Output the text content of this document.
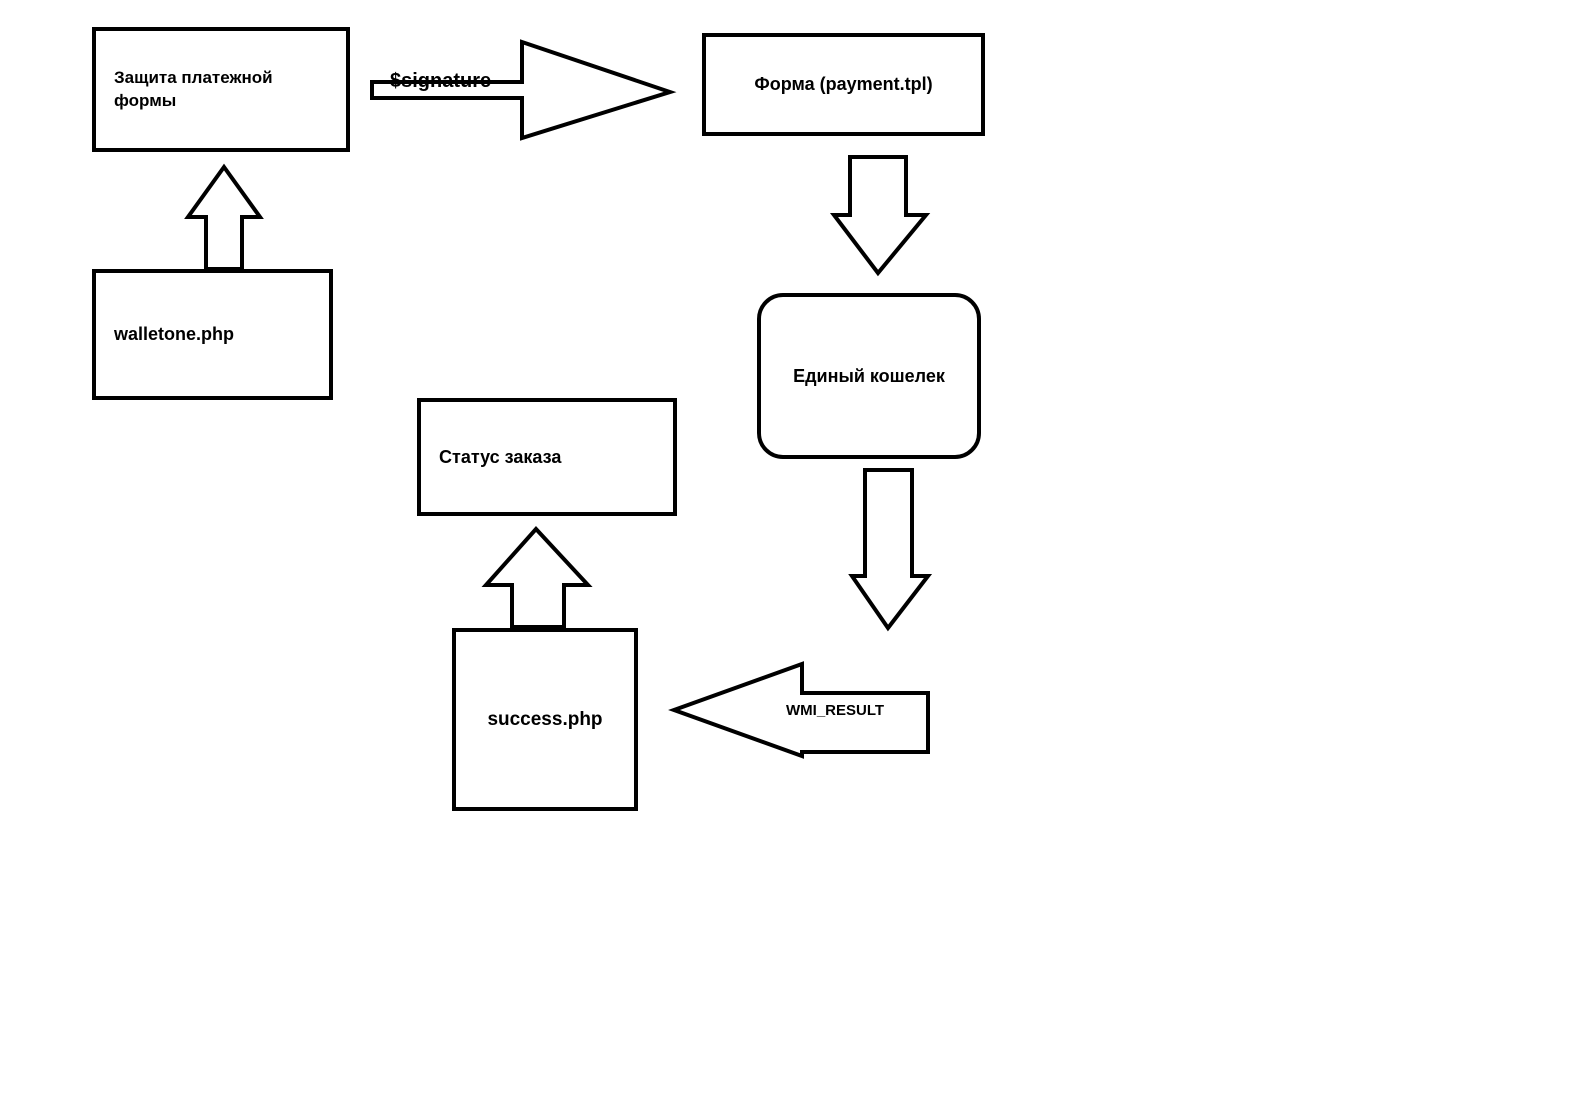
Защита платежной формы
Форма (payment.tpl)
walletone.php
Единый кошелек
Статус заказа
success.php
$signature
WMI_RESULT
